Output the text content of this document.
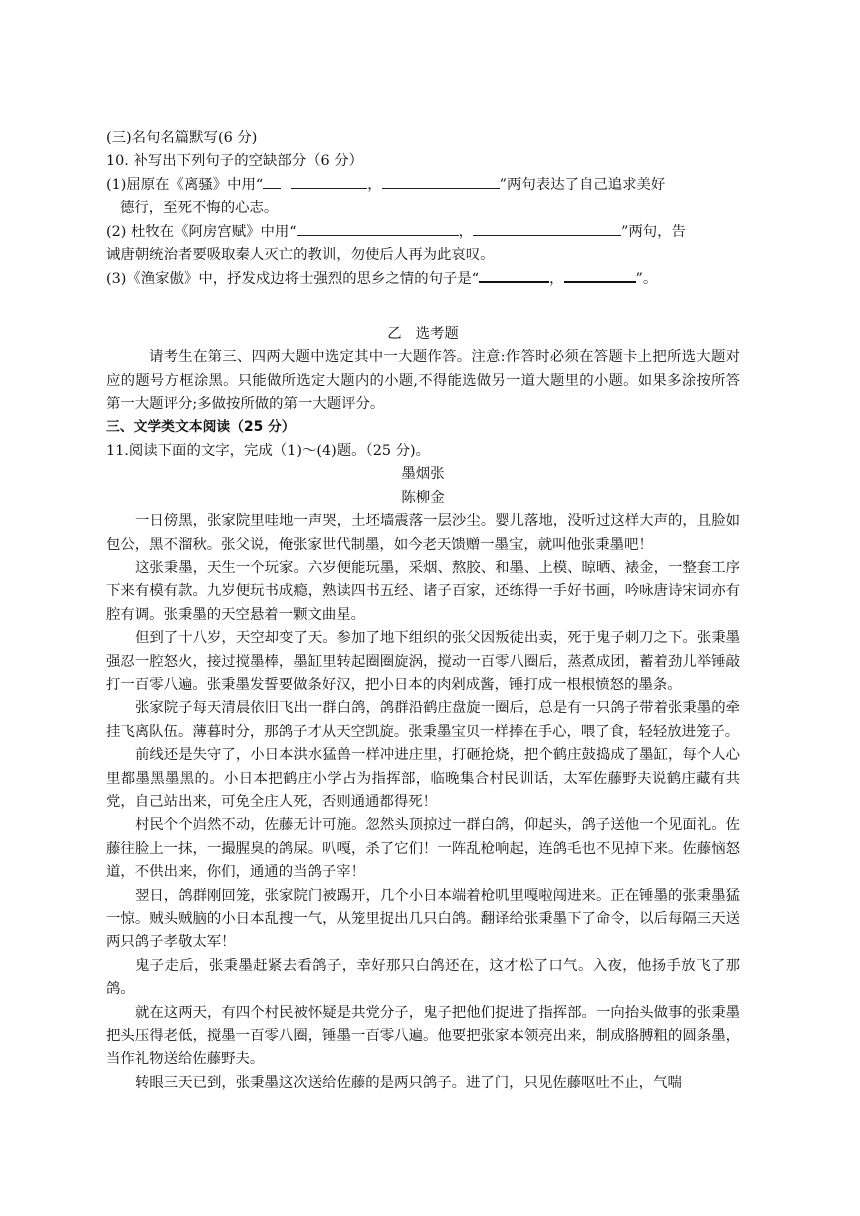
(三)名句名篇默写(6 分)
10. 补写出下列句子的空缺部分（6 分）
(1)屈原在《离骚》中用“	，	”两句表达了自己追求美好
德行，至死不悔的心志。
(2) 杜牧在《阿房宫赋》中用“	，	”两句，告
诫唐朝统治者要吸取秦人灭亡的教训，勿使后人再为此哀叹。
(3)《渔家傲》中，抒发戍边将士强烈的思乡之情的句子是“	，	”。
乙 选考题

请考生在第三、四两大题中选定其中一大题作答。注意:作答时必须在答题卡上把所选大题对应的题号方框涂黑。只能做所选定大题内的小题,不得能选做另一道大题里的小题。如果多涂按所答第一大题评分;多做按所做的第一大题评分。

三、文学类文本阅读（25 分）
11.阅读下面的文字，完成（1)～(4)题。（25 分)。
墨烟张
陈柳金

一日傍黑，张家院里哇地一声哭，土坯墙震落一层沙尘。婴儿落地，没听过这样大声的，且脸如包公，黑不溜秋。张父说，俺张家世代制墨，如今老天馈赠一墨宝，就叫他张秉墨吧！

这张秉墨，天生一个玩家。六岁便能玩墨，采烟、熬胶、和墨、上模、晾晒、裱金，一整套工序下来有模有款。九岁便玩书成瘾，熟读四书五经、诸子百家，还练得一手好书画，吟咏唐诗宋词亦有腔有调。张秉墨的天空悬着一颗文曲星。

但到了十八岁，天空却变了天。参加了地下组织的张父因叛徒出卖，死于鬼子刺刀之下。张秉墨强忍一腔怒火，接过搅墨棒，墨缸里转起圈圈旋涡，搅动一百零八圈后，蒸煮成团，蓄着劲儿举锤敲打一百零八遍。张秉墨发誓要做条好汉，把小日本的肉剁成酱，锤打成一根根愤怒的墨条。

张家院子每天清晨依旧飞出一群白鸽，鸽群沿鹤庄盘旋一圈后，总是有一只鸽子带着张秉墨的牵挂飞离队伍。薄暮时分，那鸽子才从天空凯旋。张秉墨宝贝一样捧在手心，喂了食，轻轻放进笼子。

前线还是失守了，小日本洪水猛兽一样冲进庄里，打砸抢烧，把个鹤庄鼓捣成了墨缸，每个人心里都墨黑墨黑的。小日本把鹤庄小学占为指挥部，临晚集合村民训话，太军佐藤野夫说鹤庄藏有共党，自己站出来，可免全庄人死，否则通通都得死！

村民个个岿然不动，佐藤无计可施。忽然头顶掠过一群白鸽，仰起头，鸽子送他一个见面礼。佐藤往脸上一抹，一撮腥臭的鸽屎。叭嘎，杀了它们！一阵乱枪响起，连鸽毛也不见掉下来。佐藤恼怒道，不供出来，你们，通通的当鸽子宰！

翌日，鸽群刚回笼，张家院门被踢开，几个小日本端着枪叽里嘎啦闯进来。正在锤墨的张秉墨猛一惊。贼头贼脑的小日本乱搜一气，从笼里捉出几只白鸽。翻译给张秉墨下了命令，以后每隔三天送两只鸽子孝敬太军！

鬼子走后，张秉墨赶紧去看鸽子，幸好那只白鸽还在，这才松了口气。入夜，他扬手放飞了那鸽。

就在这两天，有四个村民被怀疑是共党分子，鬼子把他们捉进了指挥部。一向抬头做事的张秉墨把头压得老低，搅墨一百零八圈，锤墨一百零八遍。他要把张家本领亮出来，制成胳膊粗的圆条墨，当作礼物送给佐藤野夫。

转眼三天已到，张秉墨这次送给佐藤的是两只鸽子。进了门，只见佐藤呕吐不止，气喘
